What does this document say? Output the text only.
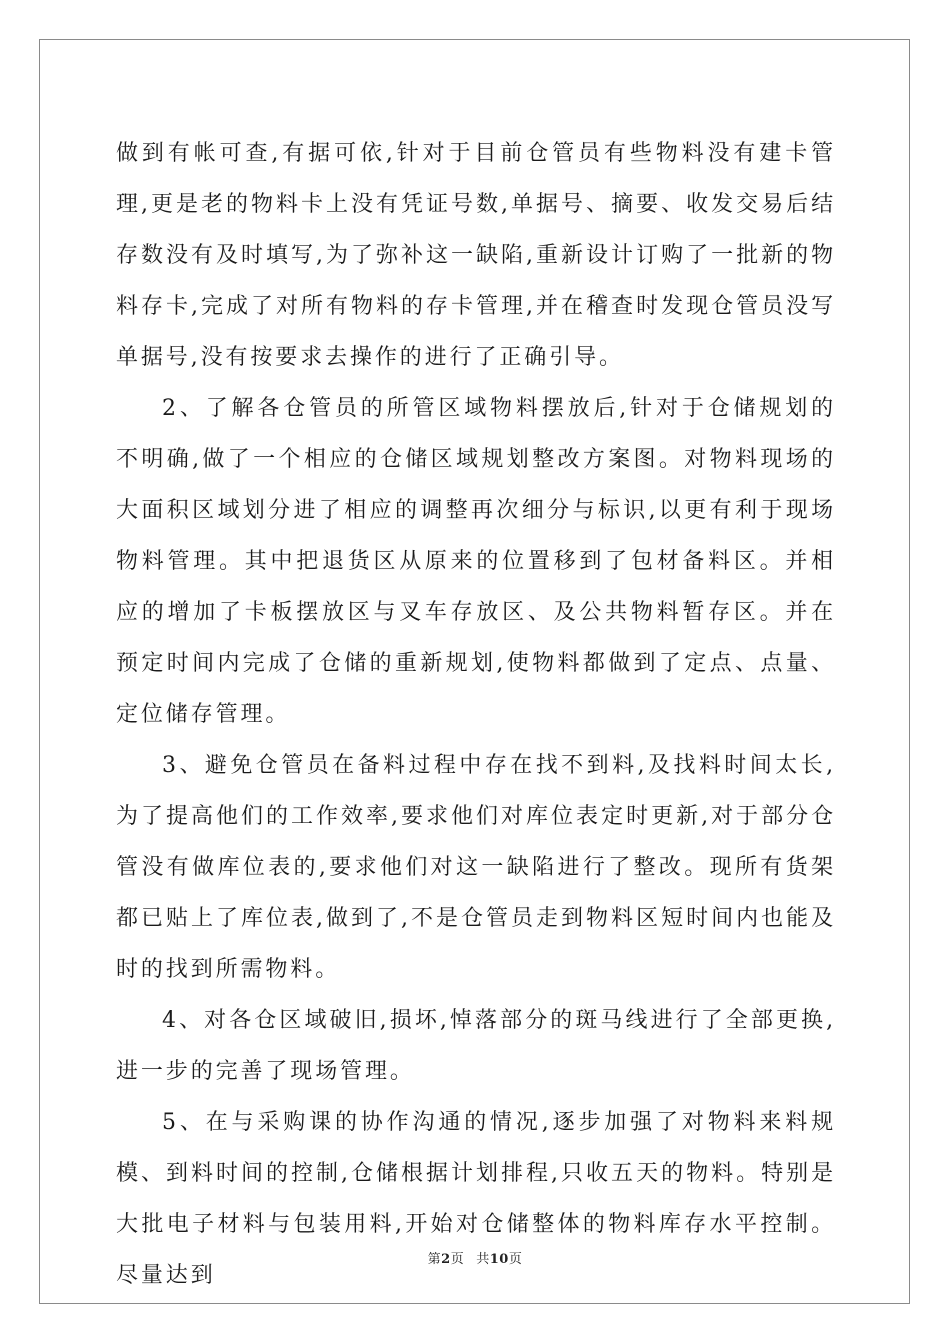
做到有帐可查,有据可依,针对于目前仓管员有些物料没有建卡管理,更是老的物料卡上没有凭证号数,单据号、摘要、收发交易后结存数没有及时填写,为了弥补这一缺陷,重新设计订购了一批新的物料存卡,完成了对所有物料的存卡管理,并在稽查时发现仓管员没写单据号,没有按要求去操作的进行了正确引导。

2、了解各仓管员的所管区域物料摆放后,针对于仓储规划的不明确,做了一个相应的仓储区域规划整改方案图。对物料现场的大面积区域划分进了相应的调整再次细分与标识,以更有利于现场物料管理。其中把退货区从原来的位置移到了包材备料区。并相应的增加了卡板摆放区与叉车存放区、及公共物料暂存区。并在预定时间内完成了仓储的重新规划,使物料都做到了定点、点量、定位储存管理。

3、避免仓管员在备料过程中存在找不到料,及找料时间太长,为了提高他们的工作效率,要求他们对库位表定时更新,对于部分仓管没有做库位表的,要求他们对这一缺陷进行了整改。现所有货架都已贴上了库位表,做到了,不是仓管员走到物料区短时间内也能及时的找到所需物料。

4、对各仓区域破旧,损坏,悼落部分的斑马线进行了全部更换,进一步的完善了现场管理。

5、在与采购课的协作沟通的情况,逐步加强了对物料来料规模、到料时间的控制,仓储根据计划排程,只收五天的物料。特别是大批电子材料与包装用料,开始对仓储整体的物料库存水平控制。尽量达到

第2页 共10页
